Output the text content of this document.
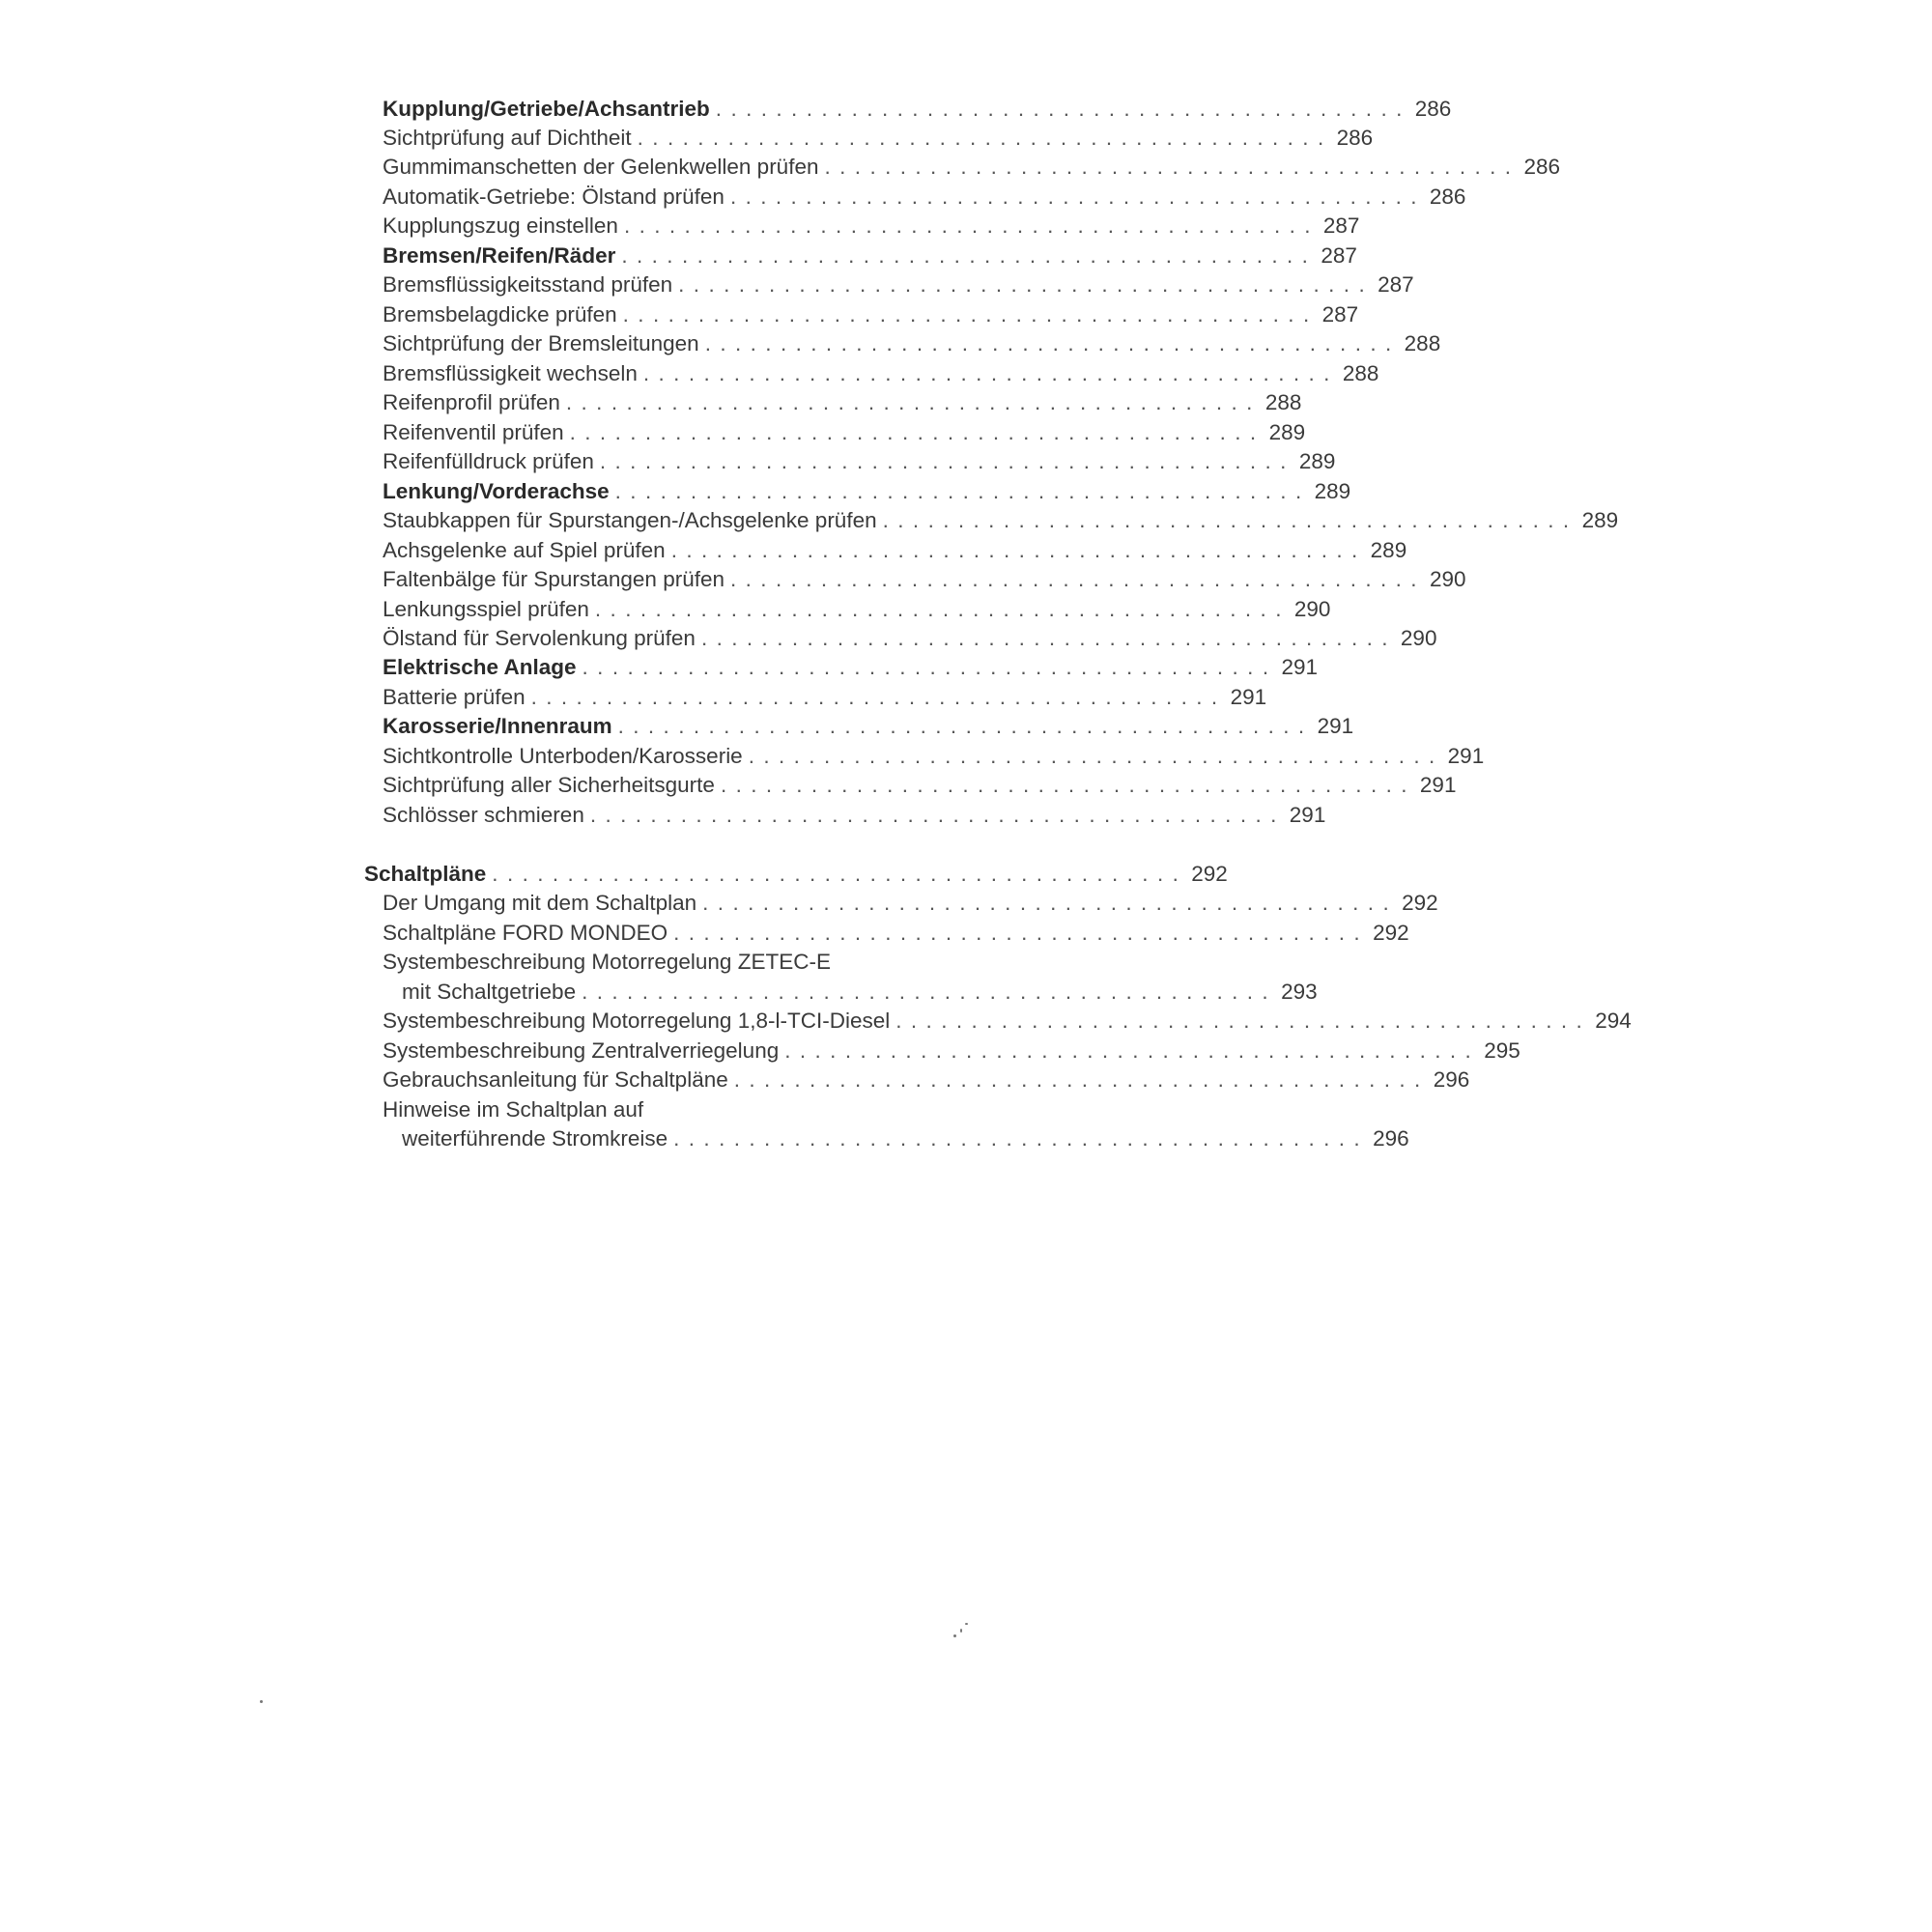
Kupplung/Getriebe/Achsantrieb .............................................. 286
Sichtprüfung auf Dichtheit .............................................. 286
Gummimanschetten der Gelenkwellen prüfen .............................................. 286
Automatik-Getriebe: Ölstand prüfen .............................................. 286
Kupplungszug einstellen .............................................. 287
Bremsen/Reifen/Räder .............................................. 287
Bremsflüssigkeitsstand prüfen .............................................. 287
Bremsbelagdicke prüfen .............................................. 287
Sichtprüfung der Bremsleitungen .............................................. 288
Bremsflüssigkeit wechseln .............................................. 288
Reifenprofil prüfen .............................................. 288
Reifenventil prüfen .............................................. 289
Reifenfülldruck prüfen .............................................. 289
Lenkung/Vorderachse .............................................. 289
Staubkappen für Spurstangen-/Achsgelenke prüfen .............................................. 289
Achsgelenke auf Spiel prüfen .............................................. 289
Faltenbälge für Spurstangen prüfen .............................................. 290
Lenkungsspiel prüfen .............................................. 290
Ölstand für Servolenkung prüfen .............................................. 290
Elektrische Anlage .............................................. 291
Batterie prüfen .............................................. 291
Karosserie/Innenraum .............................................. 291
Sichtkontrolle Unterboden/Karosserie .............................................. 291
Sichtprüfung aller Sicherheitsgurte .............................................. 291
Schlösser schmieren .............................................. 291
Schaltpläne .............................................. 292
Der Umgang mit dem Schaltplan .............................................. 292
Schaltpläne FORD MONDEO .............................................. 292
Systembeschreibung Motorregelung ZETEC-E
mit Schaltgetriebe .............................................. 293
Systembeschreibung Motorregelung 1,8-l-TCI-Diesel .............................................. 294
Systembeschreibung Zentralverriegelung .............................................. 295
Gebrauchsanleitung für Schaltpläne .............................................. 296
Hinweise im Schaltplan auf
weiterführende Stromkreise .............................................. 296
